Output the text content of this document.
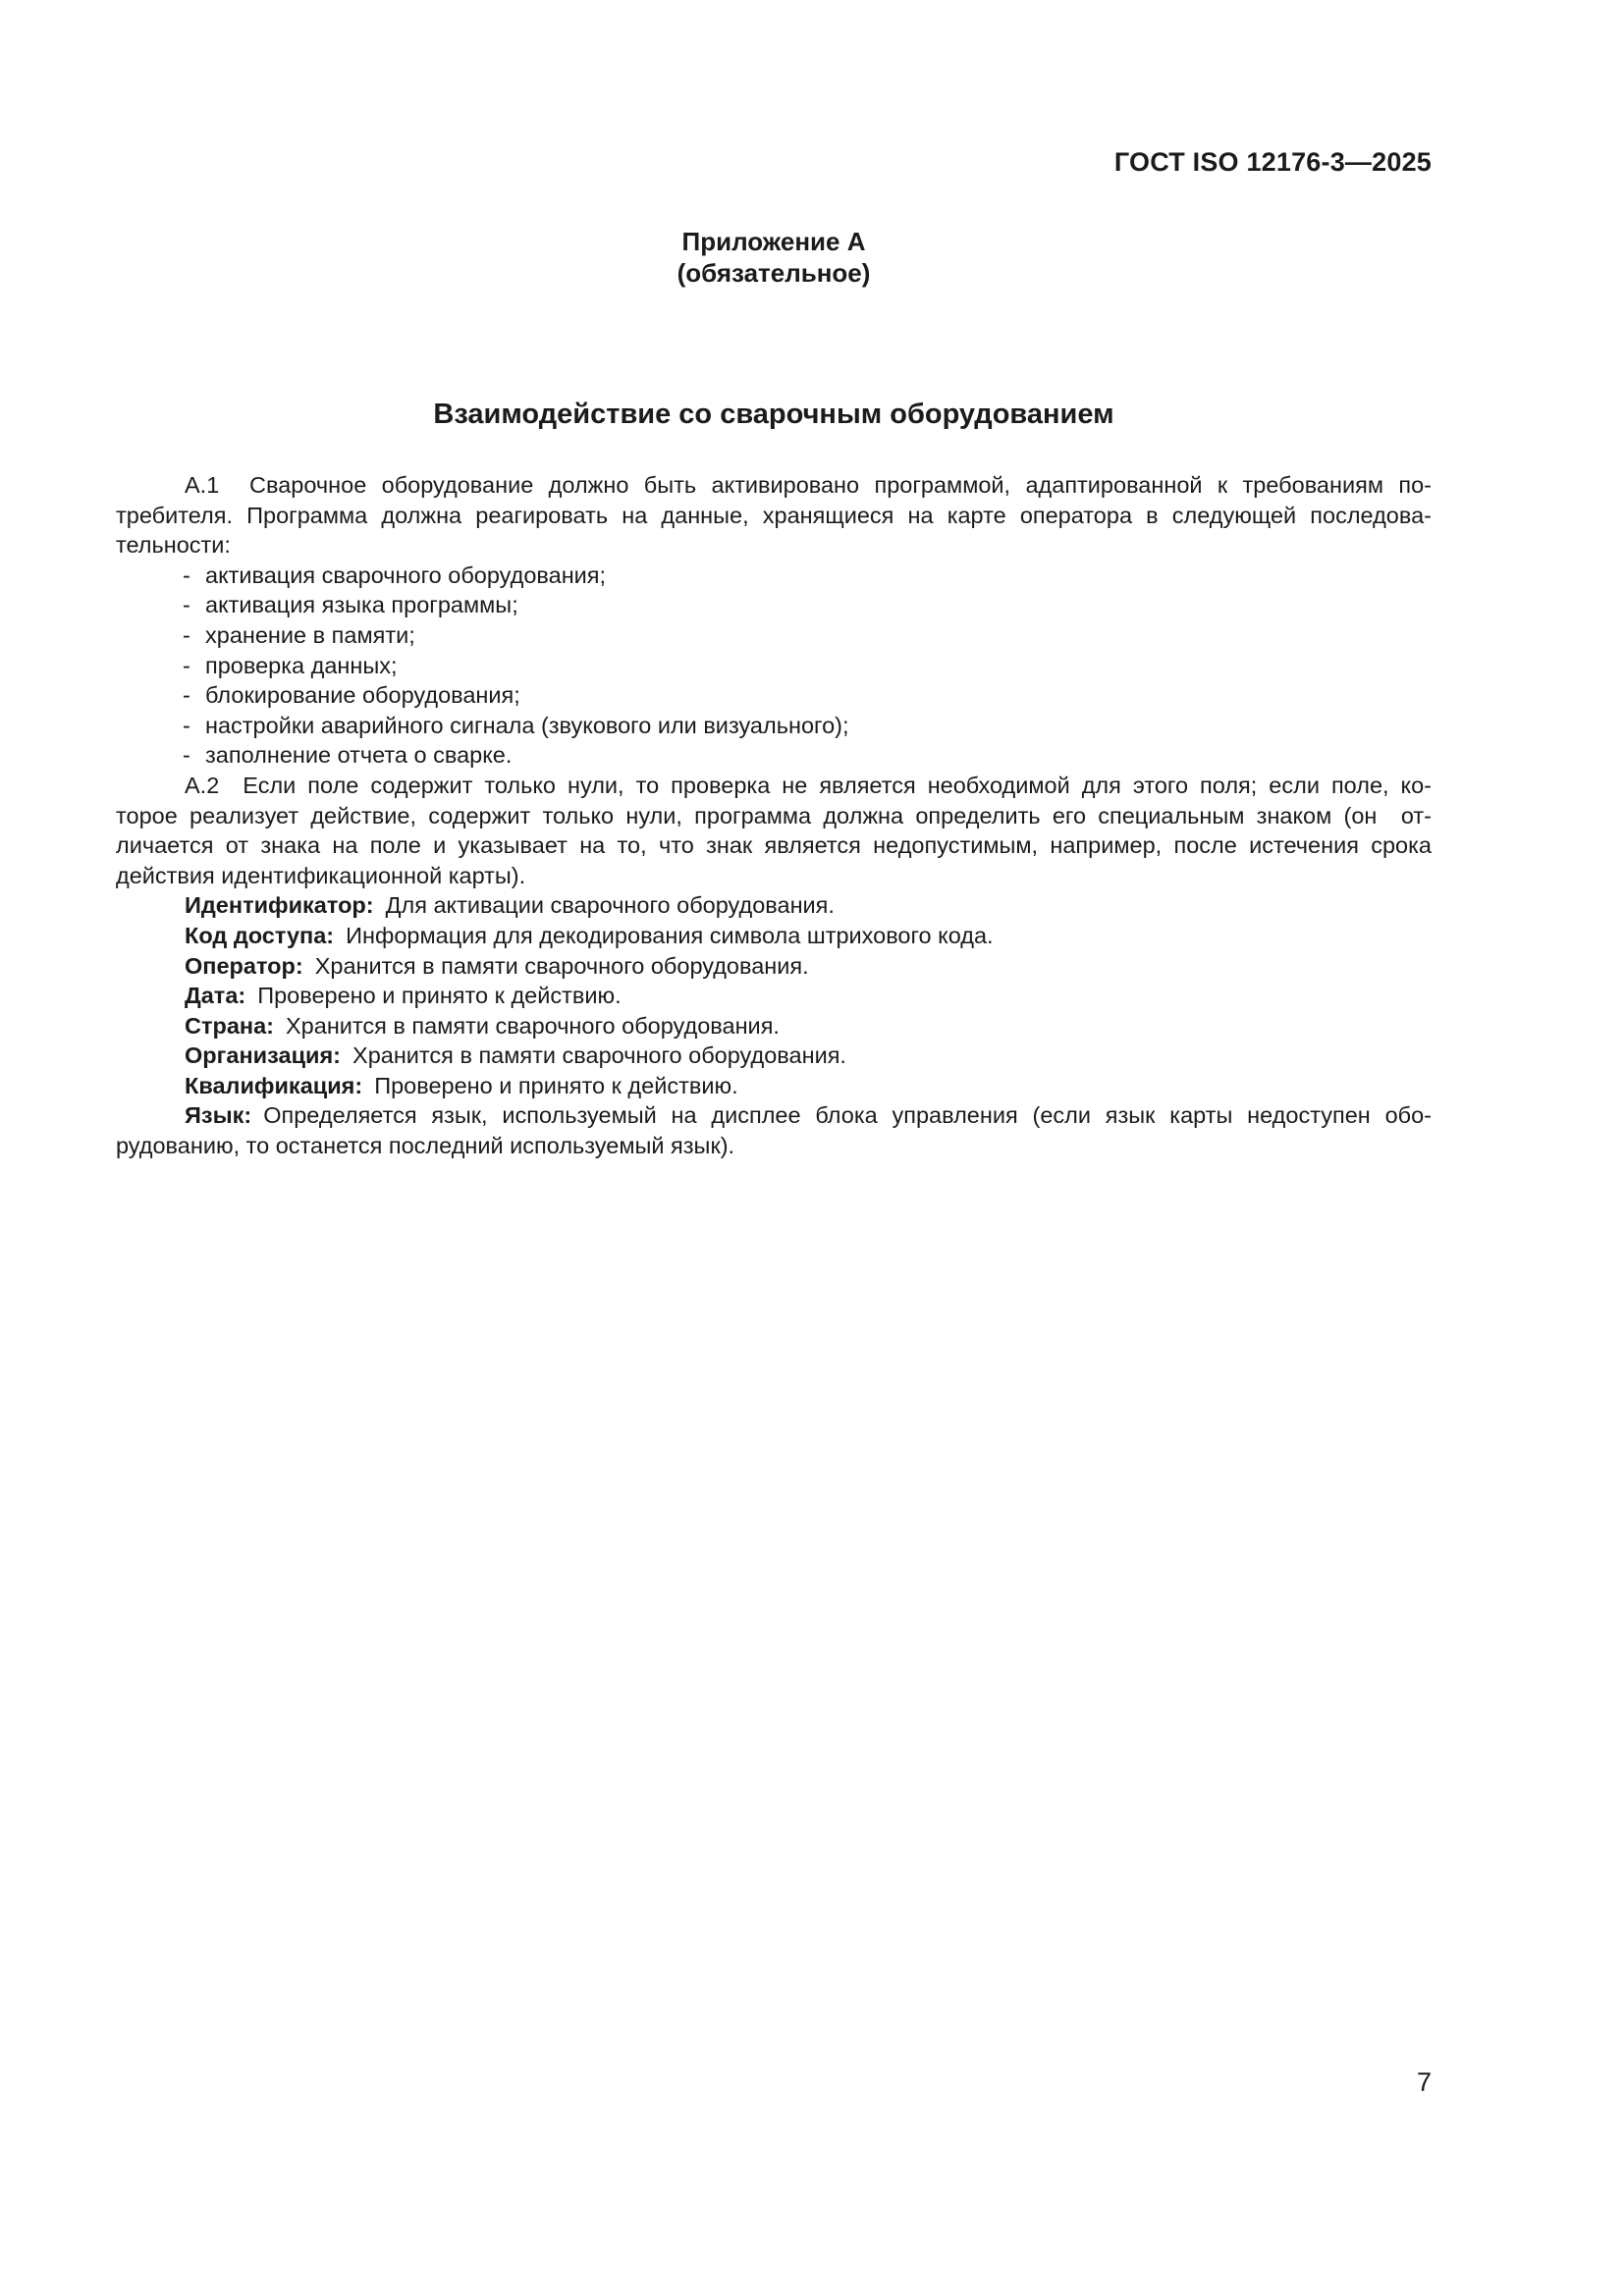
ГОСТ ISO 12176-3—2025
Приложение А
(обязательное)
Взаимодействие со сварочным оборудованием
А.1  Сварочное оборудование должно быть активировано программой, адаптированной к требованиям по-
требителя. Программа должна реагировать на данные, хранящиеся на карте оператора в следующей последова-
тельности:
- активация сварочного оборудования;
- активация языка программы;
- хранение в памяти;
- проверка данных;
- блокирование оборудования;
- настройки аварийного сигнала (звукового или визуального);
- заполнение отчета о сварке.
А.2  Если поле содержит только нули, то проверка не является необходимой для этого поля; если поле, ко-
торое реализует действие, содержит только нули, программа должна определить его специальным знаком (он  от-
личается от знака на поле и указывает на то, что знак является недопустимым, например, после истечения срока
действия идентификационной карты).
Идентификатор: Для активации сварочного оборудования.
Код доступа: Информация для декодирования символа штрихового кода.
Оператор: Хранится в памяти сварочного оборудования.
Дата: Проверено и принято к действию.
Страна: Хранится в памяти сварочного оборудования.
Организация: Хранится в памяти сварочного оборудования.
Квалификация: Проверено и принято к действию.
Язык: Определяется язык, используемый на дисплее блока управления (если язык карты недоступен обо-
рудованию, то останется последний используемый язык).
7
